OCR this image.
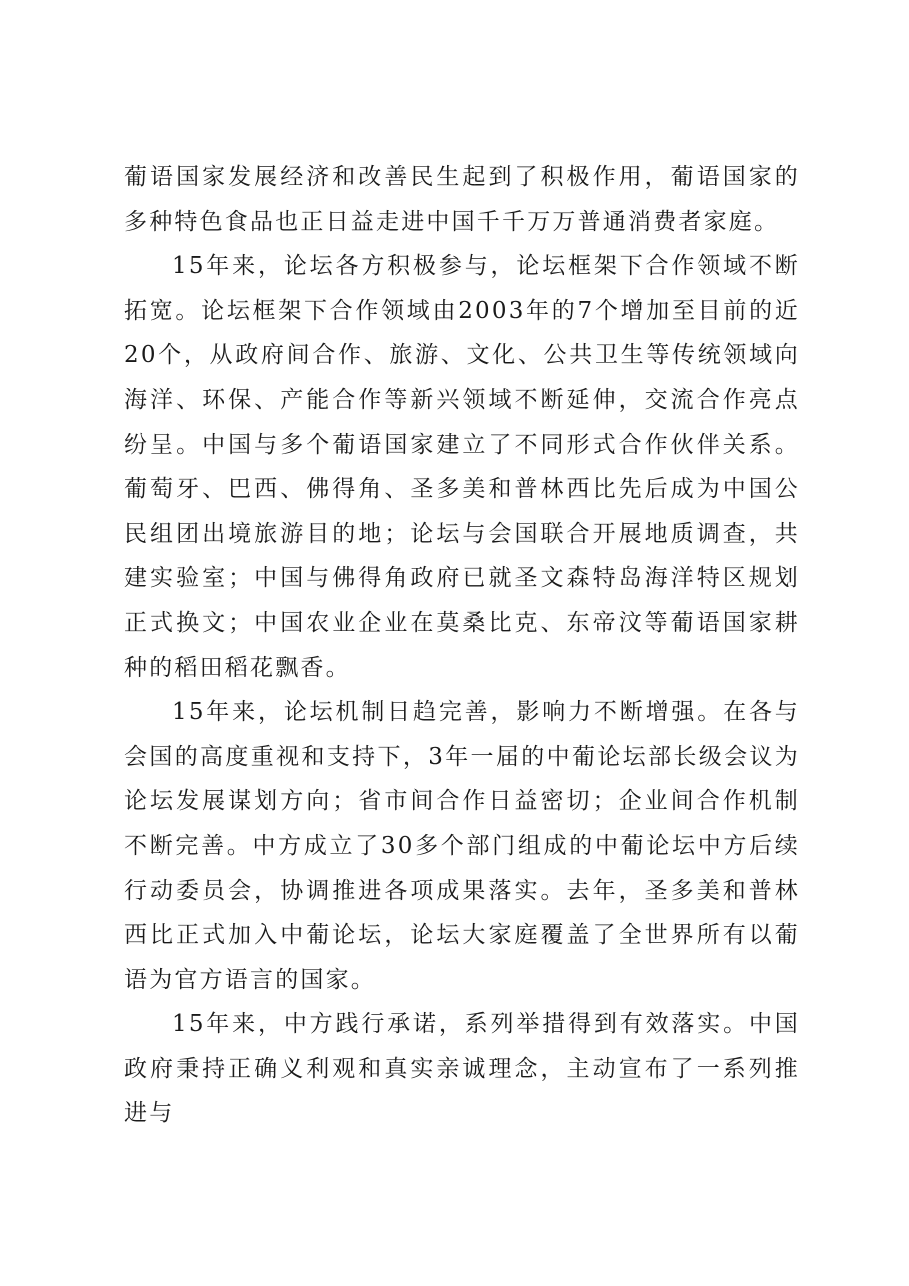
葡语国家发展经济和改善民生起到了积极作用，葡语国家的多种特色食品也正日益走进中国千千万万普通消费者家庭。

15年来，论坛各方积极参与，论坛框架下合作领域不断拓宽。论坛框架下合作领域由2003年的7个增加至目前的近20个，从政府间合作、旅游、文化、公共卫生等传统领域向海洋、环保、产能合作等新兴领域不断延伸，交流合作亮点纷呈。中国与多个葡语国家建立了不同形式合作伙伴关系。葡萄牙、巴西、佛得角、圣多美和普林西比先后成为中国公民组团出境旅游目的地；论坛与会国联合开展地质调查，共建实验室；中国与佛得角政府已就圣文森特岛海洋特区规划正式换文；中国农业企业在莫桑比克、东帝汶等葡语国家耕种的稻田稻花飘香。

15年来，论坛机制日趋完善，影响力不断增强。在各与会国的高度重视和支持下，3年一届的中葡论坛部长级会议为论坛发展谋划方向；省市间合作日益密切；企业间合作机制不断完善。中方成立了30多个部门组成的中葡论坛中方后续行动委员会，协调推进各项成果落实。去年，圣多美和普林西比正式加入中葡论坛，论坛大家庭覆盖了全世界所有以葡语为官方语言的国家。

15年来，中方践行承诺，系列举措得到有效落实。中国政府秉持正确义利观和真实亲诚理念，主动宣布了一系列推进与
